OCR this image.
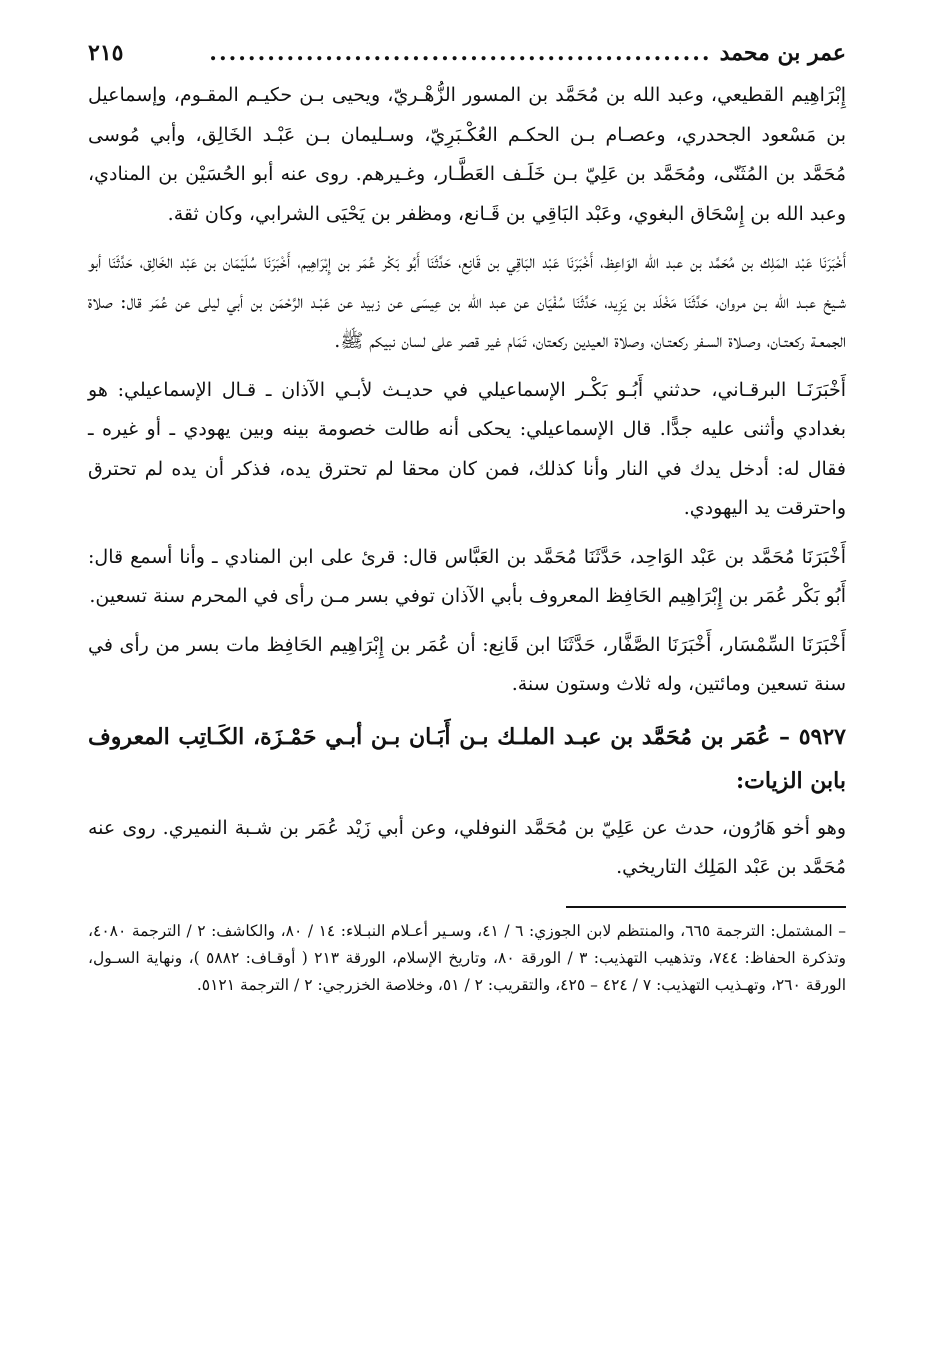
عمر بن محمد
....................................................
٢١٥

إِبْرَاهِيم القطيعي، وعبد الله بن مُحَمَّد بن المسور الزُّهْـريّ، ويحيى بـن حكيـم المقـوم، وإسماعيل بن مَسْعود الجحدري، وعصـام بـن الحكـم العُكْـبَرِيّ، وسـليمان بـن عَبْـد الخَالِق، وأبي مُوسى مُحَمَّد بن المُثَنّى، ومُحَمَّد بن عَلِيّ بـن خَلَـف العَطَّـار، وغـيرهم. روى عنه أبو الحُسَيْن بن المنادي، وعبد الله بن إِسْحَاق البغوي، وعَبْد البَاقِي بن قَـانع، ومظفر بن يَحْيَى الشرابي، وكان ثقة.

أَخْبَرَنَا عَبْد المَلِك بن مُحَمَّد بن عبد الله الوَاعِظ، أَخْبَرَنَا عَبْد البَاقِي بن قَانِع، حَدَّثَنَا أَبُو بَكْر عُمَر بن إِبْرَاهِيم، أَخْبَرَنَا سُلَيْمَان بن عَبْد الخَالِق، حَدَّثَنَا أبو شـيخ عبـد الله بـن مروان، حَدَّثَنَا مَخْلَد بن يَزِيد، حَدَّثَنَا سُفْيَان عن عبد الله بن عِيسَى عن زبيد عن عَبْـد الرَّحْمَن بن أبي ليلى عن عُمَر قال: صلاة الجمعـة ركعتـان، وصـلاة السـفر ركعتـان، وصلاة العيدين ركعتان، تَمَام غير قصر على لسان نبيكم ﷺ.

أَخْبَرَنَـا البرقـاني، حدثني أَبُـو بَكْـر الإسماعيلي في حديـث لأبـي الآذان ـ قـال الإسماعيلي: هو بغدادي وأثنى عليه جدًّا. قال الإسماعيلي: يحكى أنه طالت خصومة بينه وبين يهودي ـ أو غيره ـ فقال له: أدخل يدك في النار وأنا كذلك، فمن كان محقا لم تحترق يده، فذكر أن يده لم تحترق واحترقت يد اليهودي.

أَخْبَرَنَا مُحَمَّد بن عَبْد الوَاحِد، حَدَّثَنَا مُحَمَّد بن العَبَّاس قال: قرئ على ابن المنادي ـ وأنا أسمع قال: أَبُو بَكْر عُمَر بن إِبْرَاهِيم الحَافِظ المعروف بأبي الآذان توفي بسر مـن رأى في المحرم سنة تسعين.

أَخْبَرَنَا السِّمْسَار، أَخْبَرَنَا الصَّفَّار، حَدَّثَنَا ابن قَانِع: أن عُمَر بن إِبْرَاهِيم الحَافِظ مات بسر من رأى في سنة تسعين ومائتين، وله ثلاث وستون سنة.

٥٩٢٧ – عُمَر بن مُحَمَّد بن عبـد الملـك بـن أَبَـان بـن أبـي حَمْـزَة، الكَـاتِب المعروف بابن الزيات:

وهو أخو هَارُون، حدث عن عَلِيّ بن مُحَمَّد النوفلي، وعن أبي زَيْد عُمَر بن شـبة النميري. روى عنه مُحَمَّد بن عَبْد المَلِك التاريخي.

– المشتمل: الترجمة ٦٦٥، والمنتظم لابن الجوزي: ٦ / ٤١، وسـير أعـلام النبـلاء: ١٤ / ٨٠، والكاشف: ٢ / الترجمة ٤٠٨٠، وتذكرة الحفاظ: ٧٤٤، وتذهيب التهذيب: ٣ / الورقة ٨٠، وتاريخ الإسلام، الورقة ٢١٣ ( أوقـاف: ٥٨٨٢ )، ونهاية السـول، الورقة ٢٦٠، وتهـذيب التهذيب: ٧ / ٤٢٤ – ٤٢٥، والتقريب: ٢ / ٥١، وخلاصة الخزرجي: ٢ / الترجمة ٥١٢١.
